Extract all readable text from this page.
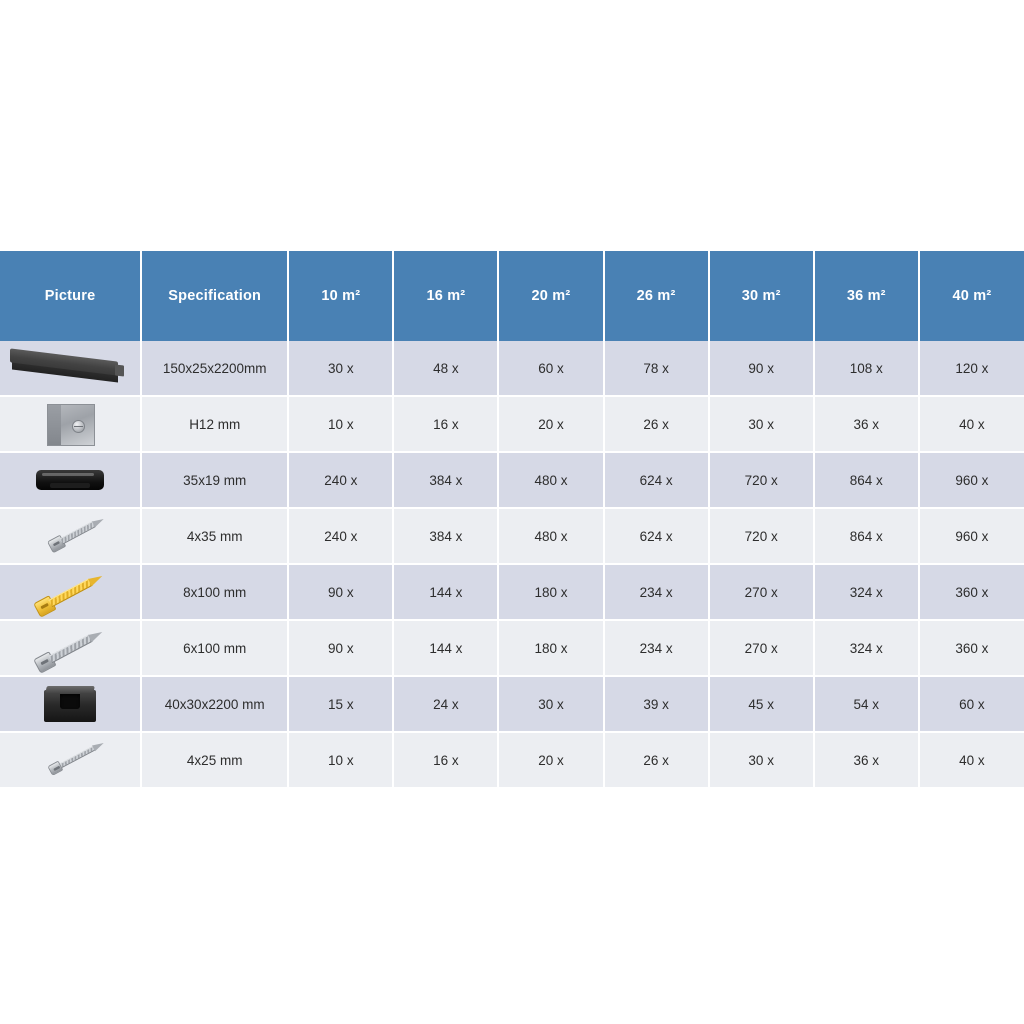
Picture	Specification	10 m²	16 m²	20 m²	26 m²	30 m²	36 m²	40 m²

	150x25x2200mm	30 x	48 x	60 x	78 x	90 x	108 x	120 x

	H12 mm	10 x	16 x	20 x	26 x	30 x	36 x	40 x

	35x19 mm	240 x	384 x	480 x	624 x	720 x	864 x	960 x

	4x35 mm	240 x	384 x	480 x	624 x	720 x	864 x	960 x

	8x100 mm	90 x	144 x	180 x	234 x	270 x	324 x	360 x

	6x100 mm	90 x	144 x	180 x	234 x	270 x	324 x	360 x

	40x30x2200 mm	15 x	24 x	30 x	39 x	45 x	54 x	60 x

	4x25 mm	10 x	16 x	20 x	26 x	30 x	36 x	40 x
